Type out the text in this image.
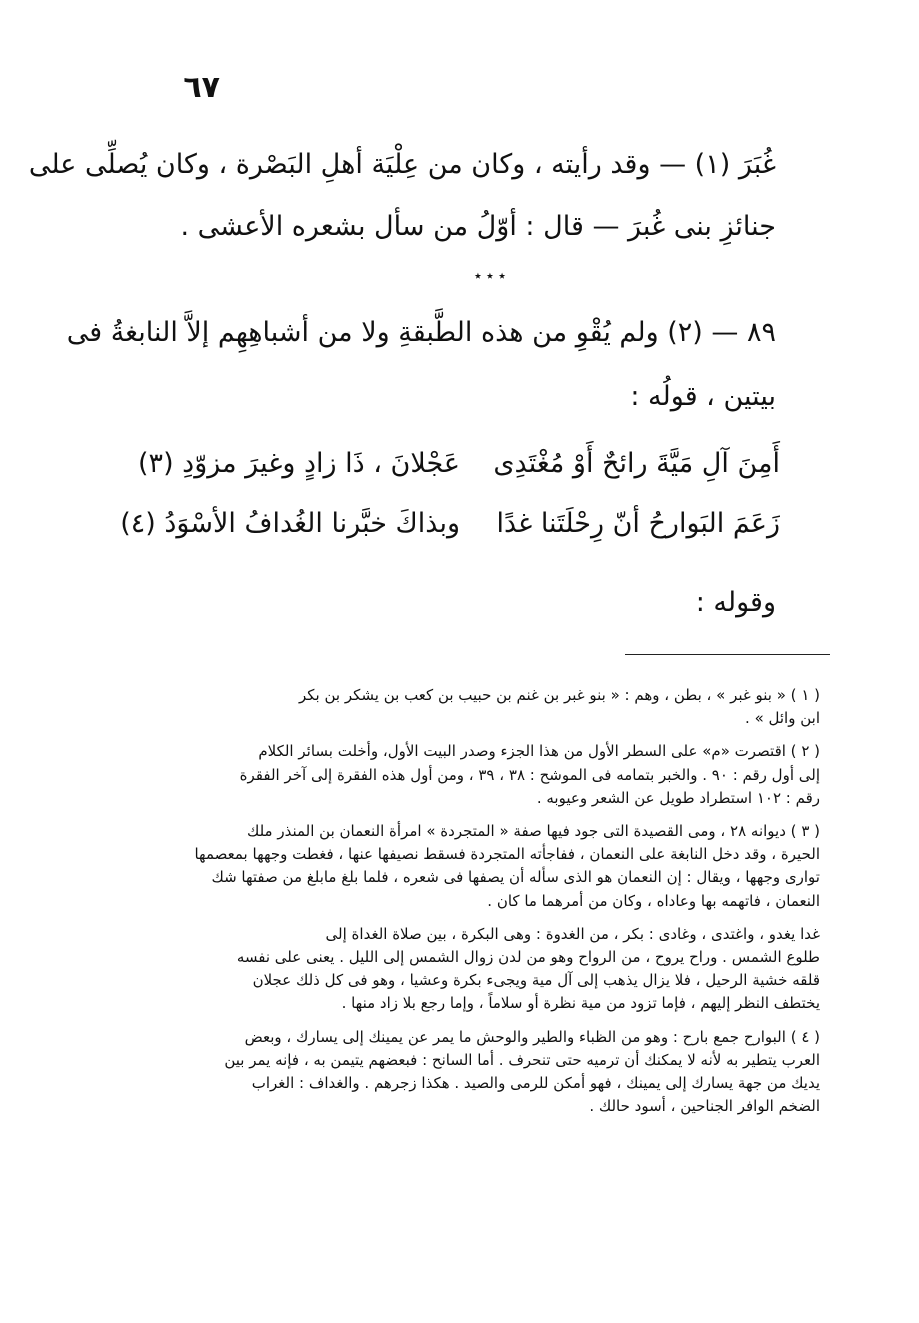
٦٧
غُبَرَ (١) — وقد رأيته ، وكان من عِلْيَة أهلِ البَصْرة ، وكان يُصلِّى على
جنائزِ بنى غُبرَ — قال : أوّلُ من سأل بشعره الأعشى .
٭ ٭ ٭
٨٩ — (٢) ولم يُقْوِ من هذه الطَّبقةِ ولا من أشباهِهِم إلاَّ النابغةُ فى
بيتين ، قولُه :
أَمِنَ آلِ مَيَّةَ رائحٌ أَوْ مُغْتَدِى
عَجْلانَ ، ذَا زادٍ وغيرَ مزوّدِ (٣)
زَعَمَ البَوارحُ أنّ رِحْلَتَنا غدًا
وبذاكَ خبَّرنا الغُدافُ الأسْوَدُ (٤)
وقوله :

( ١ ) « بنو غبر » ، بطن ، وهم : « بنو غبر بن غنم بن حبيب بن كعب بن يشكر بن بكر

ابن وائل » .

( ٢ ) اقتصرت «م» على السطر الأول من هذا الجزء وصدر البيت الأول، وأخلت بسائر الكلام

إلى أول رقم : ٩٠ . والخبر بتمامه فى الموشح : ٣٨ ، ٣٩ ، ومن أول هذه الفقرة إلى آخر الفقرة

رقم : ١٠٢ استطراد طويل عن الشعر وعيوبه .

( ٣ ) ديوانه ٢٨ ، ومى القصيدة التى جود فيها صفة « المتجردة » امرأة النعمان بن المنذر ملك

الحيرة ، وقد دخل النابغة على النعمان ، ففاجأته المتجردة فسقط نصيفها عنها ، فغطت وجهها بمعصمها

توارى وجهها ، ويقال : إن النعمان هو الذى سأله أن يصفها فى شعره ، فلما بلغ مابلغ من صفتها شك

النعمان ، فاتهمه بها وعاداه ، وكان من أمرهما ما كان .

غدا يغدو ، واغتدى ، وغادى : بكر ، من الغدوة : وهى البكرة ، بين صلاة الغداة إلى

طلوع الشمس . وراح يروح ، من الرواح وهو من لدن زوال الشمس إلى الليل . يعنى على نفسه

قلقه خشية الرحيل ، فلا يزال يذهب إلى آل مية ويجىء بكرة وعشيا ، وهو فى كل ذلك عجلان

يختطف النظر إليهم ، فإما تزود من مية نظرة أو سلاماً ، وإما رجع بلا زاد منها .

( ٤ ) البوارح جمع بارح : وهو من الظباء والطير والوحش ما يمر عن يمينك إلى يسارك ، وبعض

العرب يتطير به لأنه لا يمكنك أن ترميه حتى تنحرف . أما السانح : فبعضهم يتيمن به ، فإنه يمر بين

يديك من جهة يسارك إلى يمينك ، فهو أمكن للرمى والصيد . هكذا زجرهم . والغداف : الغراب

الضخم الوافر الجناحين ، أسود حالك .
